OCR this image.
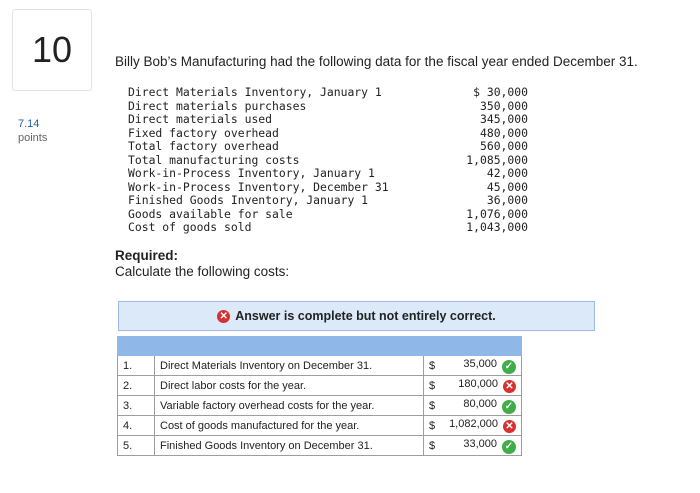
10
7.14
points
Billy Bob’s Manufacturing had the following data for the fiscal year ended December 31.
Direct Materials Inventory, January 1	$ 30,000
Direct materials purchases	350,000
Direct materials used	345,000
Fixed factory overhead	480,000
Total factory overhead	560,000
Total manufacturing costs	1,085,000
Work-in-Process Inventory, January 1	42,000
Work-in-Process Inventory, December 31	45,000
Finished Goods Inventory, January 1	36,000
Goods available for sale	1,076,000
Cost of goods sold	1,043,000
Required:
Calculate the following costs:
✕ Answer is complete but not entirely correct.

1.	Direct Materials Inventory on December 31.	$	35,000 ✓
2.	Direct labor costs for the year.	$	180,000 ✕
3.	Variable factory overhead costs for the year.	$	80,000 ✓
4.	Cost of goods manufactured for the year.	$	1,082,000 ✕
5.	Finished Goods Inventory on December 31.	$	33,000 ✓
